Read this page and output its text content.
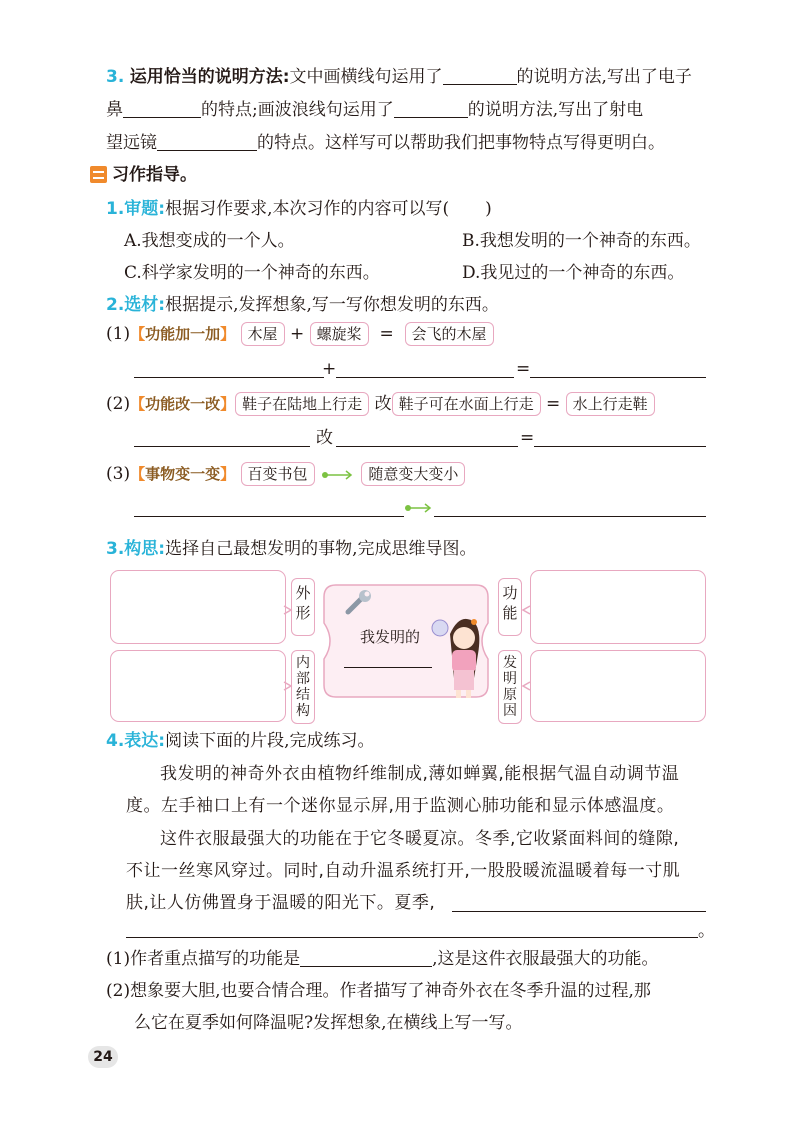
3. 运用恰当的说明方法:文中画横线句运用了	的说明方法,写出了电子
鼻	的特点;画波浪线句运用了	的说明方法,写出了射电
望远镜	的特点。这样写可以帮助我们把事物特点写得更明白。
习作指导。
1.审题:根据习作要求,本次习作的内容可以写( )
A.我想变成的一个人。	B.我想发明的一个神奇的东西。
C.科学家发明的一个神奇的东西。	D.我见过的一个神奇的东西。
2.选材:根据提示,发挥想象,写一写你想发明的东西。
(1)【功能加一加】 木屋 + 螺旋桨 = 会飞的木屋
+	=
(2)【功能改一改】 鞋子在陆地上行走 改 鞋子可在水面上行走 = 水上行走鞋
改	=
(3)【事物变一变】 百变书包	随意变大变小
3.构思:选择自己最想发明的事物,完成思维导图。
外形
功能
内部结构
发明原因
我发明的
4.表达:阅读下面的片段,完成练习。
我发明的神奇外衣由植物纤维制成,薄如蝉翼,能根据气温自动调节温
度。左手袖口上有一个迷你显示屏,用于监测心肺功能和显示体感温度。
这件衣服最强大的功能在于它冬暖夏凉。冬季,它收紧面料间的缝隙,
不让一丝寒风穿过。同时,自动升温系统打开,一股股暖流温暖着每一寸肌
肤,让人仿佛置身于温暖的阳光下。夏季,
。
(1)作者重点描写的功能是	,这是这件衣服最强大的功能。
(2)想象要大胆,也要合情合理。作者描写了神奇外衣在冬季升温的过程,那
么它在夏季如何降温呢?发挥想象,在横线上写一写。
24
